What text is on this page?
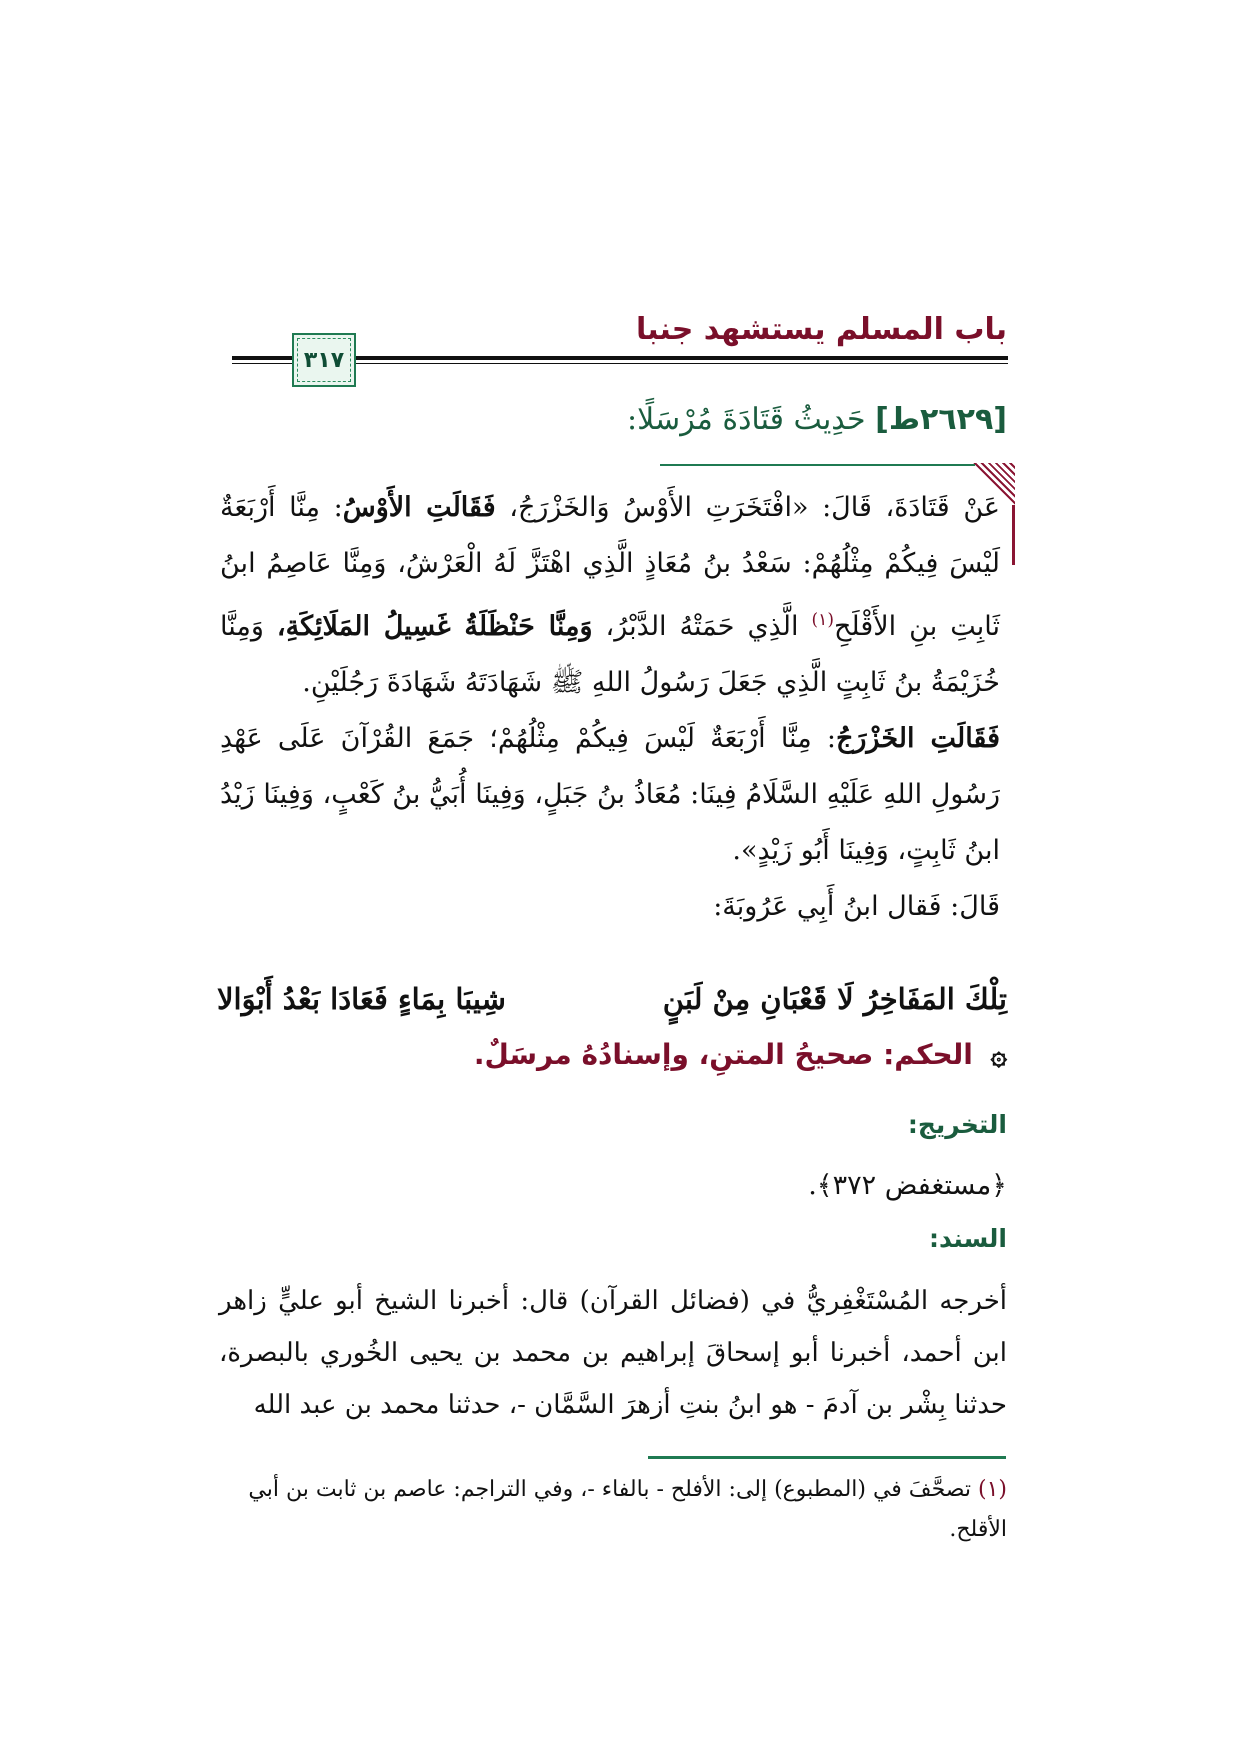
باب المسلم يستشهد جنبا
٣١٧
[٢٦٢٩ط] حَدِيثُ قَتَادَةَ مُرْسَلًا:

عَنْ قَتَادَةَ، قَالَ: «افْتَخَرَتِ الأَوْسُ وَالخَزْرَجُ، فَقَالَتِ الأَوْسُ: مِنَّا أَرْبَعَةٌ لَيْسَ فِيكُمْ مِثْلُهُمْ: سَعْدُ بنُ مُعَاذٍ الَّذِي اهْتَزَّ لَهُ الْعَرْشُ، وَمِنَّا عَاصِمُ ابنُ ثَابِتِ بنِ الأَقْلَحِ$^{(١)}$ الَّذِي حَمَتْهُ الدَّبْرُ، وَمِنَّا حَنْظَلَةُ غَسِيلُ المَلَائِكَةِ، وَمِنَّا خُزَيْمَةُ بنُ ثَابِتٍ الَّذِي جَعَلَ رَسُولُ اللهِ ﷺ شَهَادَتَهُ شَهَادَةَ رَجُلَيْنِ.

فَقَالَتِ الخَزْرَجُ: مِنَّا أَرْبَعَةٌ لَيْسَ فِيكُمْ مِثْلُهُمْ؛ جَمَعَ القُرْآنَ عَلَى عَهْدِ رَسُولِ اللهِ عَلَيْهِ السَّلَامُ فِينَا: مُعَاذُ بنُ جَبَلٍ، وَفِينَا أُبَيُّ بنُ كَعْبٍ، وَفِينَا زَيْدُ ابنُ ثَابِتٍ، وَفِينَا أَبُو زَيْدٍ».

قَالَ: فَقال ابنُ أَبِي عَرُوبَةَ:

تِلْكَ المَفَاخِرُ لَا قَعْبَانِ مِنْ لَبَنٍ
شِيبَا بِمَاءٍ فَعَادَا بَعْدُ أَبْوَالا
۞ الحكم: صحيحُ المتنِ، وإسنادُهُ مرسَلٌ.
التخريج:
﴿مستغفض ٣٧٢﴾.
السند:

أخرجه المُسْتَغْفِريُّ في (فضائل القرآن) قال: أخبرنا الشيخ أبو عليٍّ زاهر ابن أحمد، أخبرنا أبو إسحاقَ إبراهيم بن محمد بن يحيى الخُوري بالبصرة، حدثنا بِشْر بن آدمَ - هو ابنُ بنتِ أزهرَ السَّمَّان -، حدثنا محمد بن عبد الله

(١) تصحَّفَ في (المطبوع) إلى: الأفلح - بالفاء -، وفي التراجم: عاصم بن ثابت بن أبي الأقلح.
